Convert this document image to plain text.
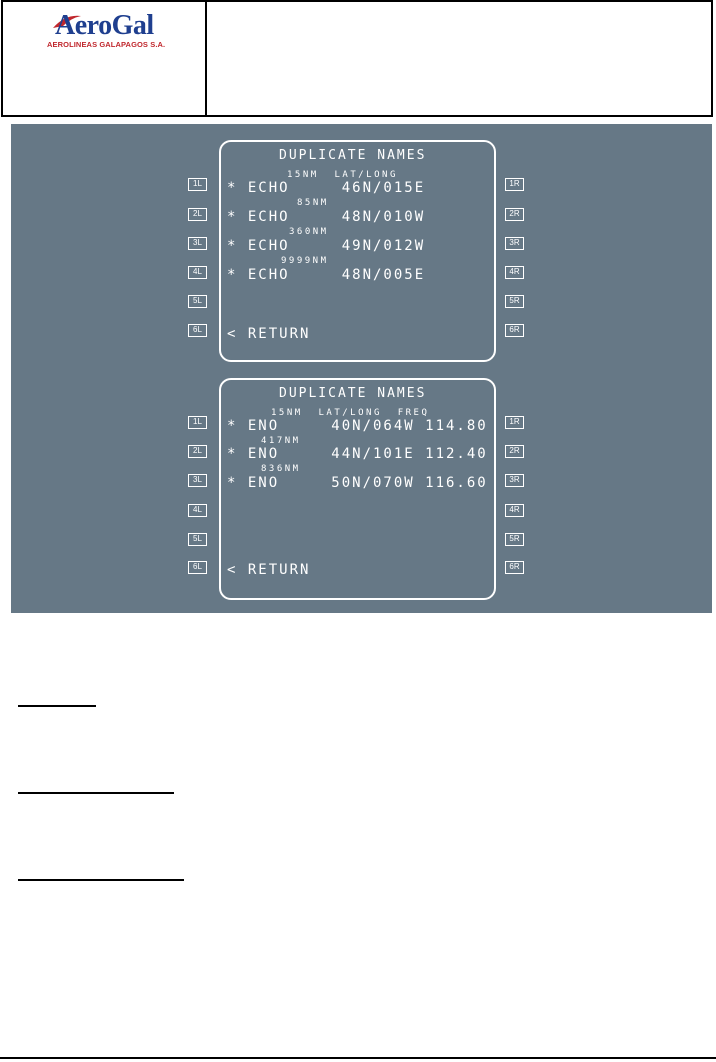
AeroGal
AEROLINEAS GALAPAGOS S.A.
1L
2L
3L
4L
5L
6L
1R
2R
3R
4R
5R
6R
DUPLICATE NAMES
15NM  LAT/LONG
* ECHO     46N/015E
85NM
* ECHO     48N/010W
360NM
* ECHO     49N/012W
9999NM
* ECHO     48N/005E
< RETURN
1L
2L
3L
4L
5L
6L
1R
2R
3R
4R
5R
6R
DUPLICATE NAMES
15NM  LAT/LONG  FREQ
* ENO     40N/064W 114.80
417NM
* ENO     44N/101E 112.40
836NM
* ENO     50N/070W 116.60
< RETURN
